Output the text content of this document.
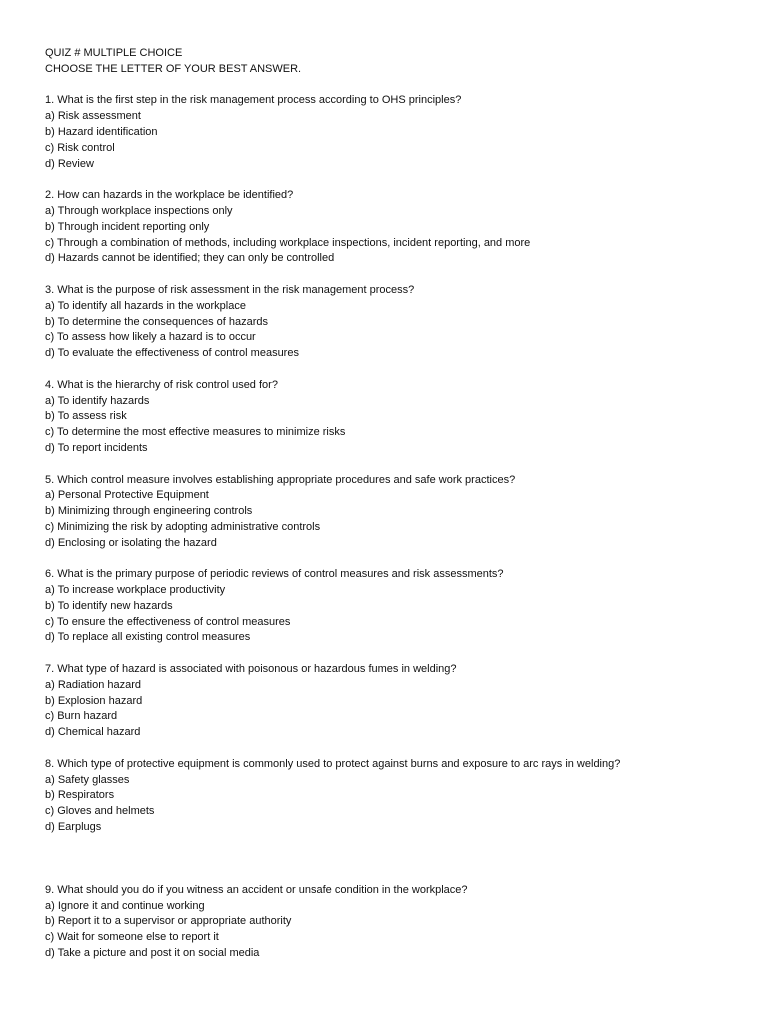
QUIZ # MULTIPLE CHOICE
CHOOSE THE LETTER OF YOUR BEST ANSWER.
1. What is the first step in the risk management process according to OHS principles?
a) Risk assessment
b) Hazard identification
c) Risk control
d) Review
2. How can hazards in the workplace be identified?
a) Through workplace inspections only
b) Through incident reporting only
c) Through a combination of methods, including workplace inspections, incident reporting, and more
d) Hazards cannot be identified; they can only be controlled
3. What is the purpose of risk assessment in the risk management process?
a) To identify all hazards in the workplace
b) To determine the consequences of hazards
c) To assess how likely a hazard is to occur
d) To evaluate the effectiveness of control measures
4. What is the hierarchy of risk control used for?
a) To identify hazards
b) To assess risk
c) To determine the most effective measures to minimize risks
d) To report incidents
5. Which control measure involves establishing appropriate procedures and safe work practices?
a) Personal Protective Equipment
b) Minimizing through engineering controls
c) Minimizing the risk by adopting administrative controls
d) Enclosing or isolating the hazard
6. What is the primary purpose of periodic reviews of control measures and risk assessments?
a) To increase workplace productivity
b) To identify new hazards
c) To ensure the effectiveness of control measures
d) To replace all existing control measures
7. What type of hazard is associated with poisonous or hazardous fumes in welding?
a) Radiation hazard
b) Explosion hazard
c) Burn hazard
d) Chemical hazard
8. Which type of protective equipment is commonly used to protect against burns and exposure to arc rays in welding?
a) Safety glasses
b) Respirators
c) Gloves and helmets
d) Earplugs
9. What should you do if you witness an accident or unsafe condition in the workplace?
a) Ignore it and continue working
b) Report it to a supervisor or appropriate authority
c) Wait for someone else to report it
d) Take a picture and post it on social media
